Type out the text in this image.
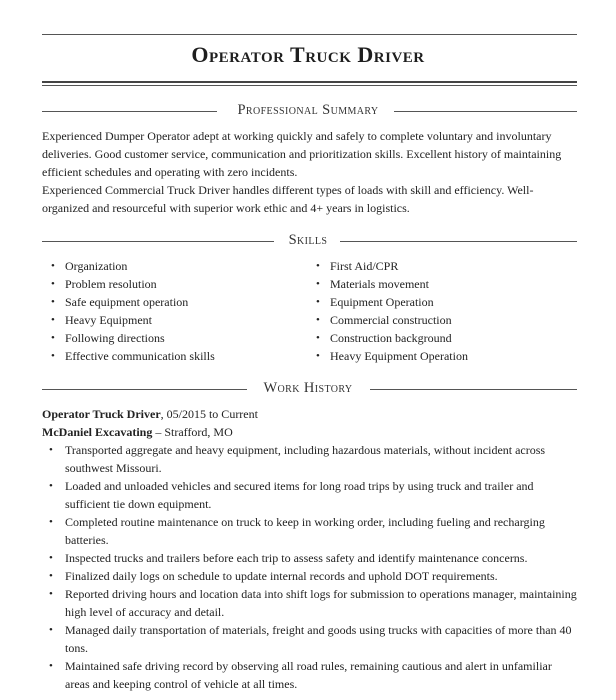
Operator Truck Driver
Professional Summary
Experienced Dumper Operator adept at working quickly and safely to complete voluntary and involuntary deliveries. Good customer service, communication and prioritization skills. Excellent history of maintaining efficient schedules and operating with zero incidents.
Experienced Commercial Truck Driver handles different types of loads with skill and efficiency. Well-organized and resourceful with superior work ethic and 4+ years in logistics.
Skills
• Organization
• Problem resolution
• Safe equipment operation
• Heavy Equipment
• Following directions
• Effective communication skills
• First Aid/CPR
• Materials movement
• Equipment Operation
• Commercial construction
• Construction background
• Heavy Equipment Operation
Work History
Operator Truck Driver, 05/2015 to Current
McDaniel Excavating – Strafford, MO
• Transported aggregate and heavy equipment, including hazardous materials, without incident across southwest Missouri.
• Loaded and unloaded vehicles and secured items for long road trips by using truck and trailer and sufficient tie down equipment.
• Completed routine maintenance on truck to keep in working order, including fueling and recharging batteries.
• Inspected trucks and trailers before each trip to assess safety and identify maintenance concerns.
• Finalized daily logs on schedule to update internal records and uphold DOT requirements.
• Reported driving hours and location data into shift logs for submission to operations manager, maintaining high level of accuracy and detail.
• Managed daily transportation of materials, freight and goods using trucks with capacities of more than 40 tons.
• Maintained safe driving record by observing all road rules, remaining cautious and alert in unfamiliar areas and keeping control of vehicle at all times.
